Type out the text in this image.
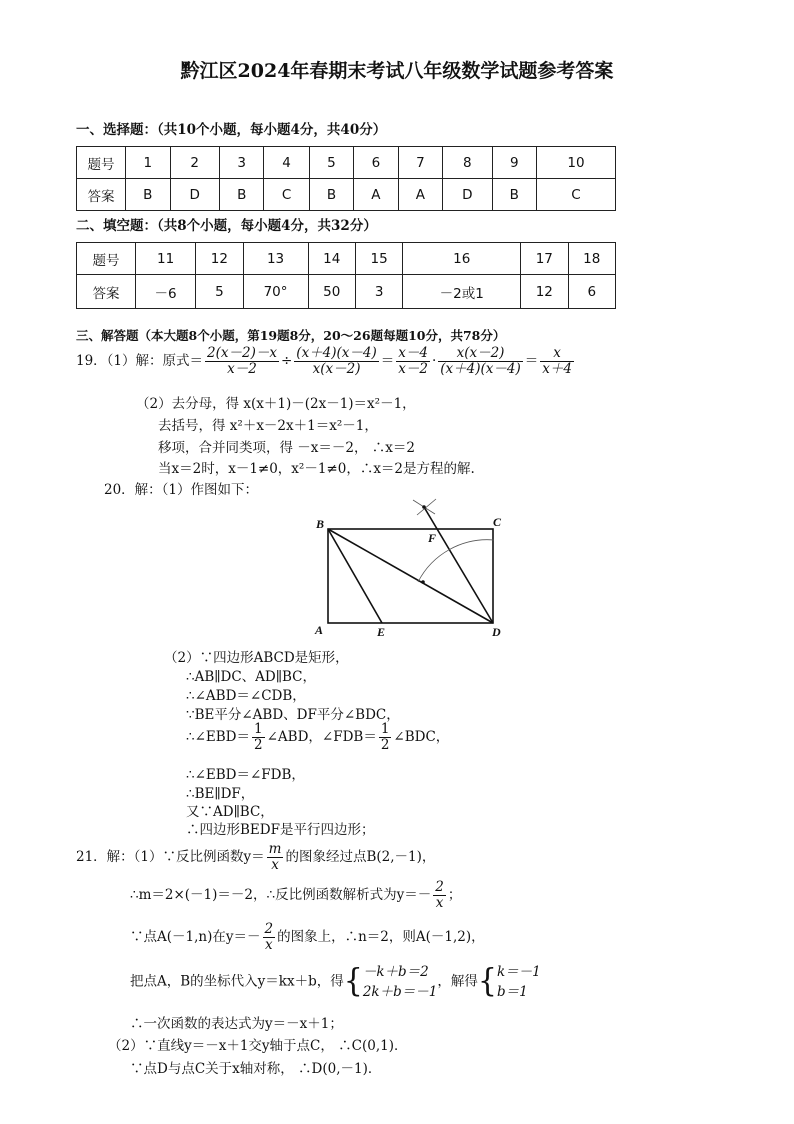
黔江区2024年春期末考试八年级数学试题参考答案
一、选择题：（共10个小题，每小题4分，共40分）
题号	1	2	3	4	5	6	7	8	9	10
答案	B	D	B	C	B	A	A	D	B	C
二、填空题：（共8个小题，每小题4分，共32分）
题号	11	12	13	14	15	16	17	18
答案	－6	5	70°	50	3	－2或1	12	6
三、解答题（本大题8个小题，第19题8分，20～26题每题10分，共78分）
19．（1）解：原式＝ $\frac{2(x-2)-x}{x-2} \div \frac{(x+4)(x-4)}{x(x-2)} = \frac{x-4}{x-2} \cdot \frac{x(x-2)}{(x+4)(x-4)} = \frac{x}{x+4}$
（2）去分母，得 x(x＋1)－(2x－1)＝x²－1，
去括号，得 x²＋x－2x＋1＝x²－1，
移项，合并同类项，得 －x＝－2， ∴x＝2
当x＝2时，x－1≠0，x²－1≠0，∴x＝2是方程的解.
20．解：（1）作图如下：
B	C
A	D
E
F
（2）∵四边形ABCD是矩形，
∴AB∥DC、AD∥BC，
∴∠ABD＝∠CDB，
∵BE平分∠ABD、DF平分∠BDC，
∴∠EBD＝ $\frac{1}{2}$ ∠ABD，∠FDB＝ $\frac{1}{2}$ ∠BDC，
∴∠EBD＝∠FDB，
∴BE∥DF，
又∵AD∥BC，
∴四边形BEDF是平行四边形；
21．解：（1）∵反比例函数$y= \frac{m}{x}$ 的图象经过点B(2,－1)，
∴m＝2×(－1)＝－2，∴反比例函数解析式为$y=- \frac{2}{x}$ ；
∵点A(－1,n)在$y=- \frac{2}{x}$ 的图象上，∴n＝2，则A(－1,2)，
把点A，B的坐标代入y＝kx＋b，得{ －k＋b＝2
2k＋b＝－1
，解得{ k＝－1
b＝1
∴一次函数的表达式为y＝－x＋1；
（2）∵直线y＝－x＋1交y轴于点C， ∴C(0,1)．
∵点D与点C关于x轴对称， ∴D(0,－1)．
